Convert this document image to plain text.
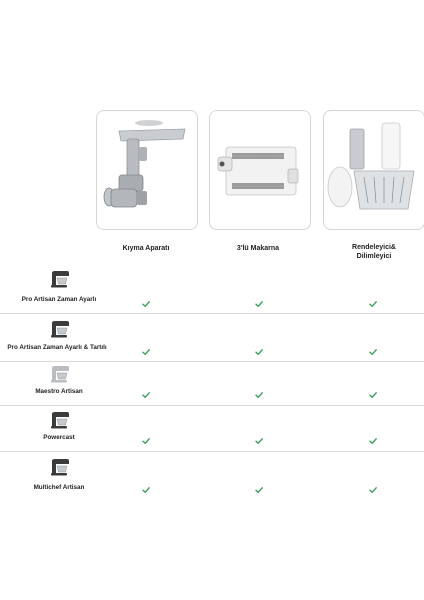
Kıyma Aparatı	3'lü Makarna	Rendeleyici&
Dilimleyici
Pro Artisan Zaman Ayarlı
Pro Artisan Zaman Ayarlı & Tartılı
Maestro Artisan
Powercast
Multichef Artisan
